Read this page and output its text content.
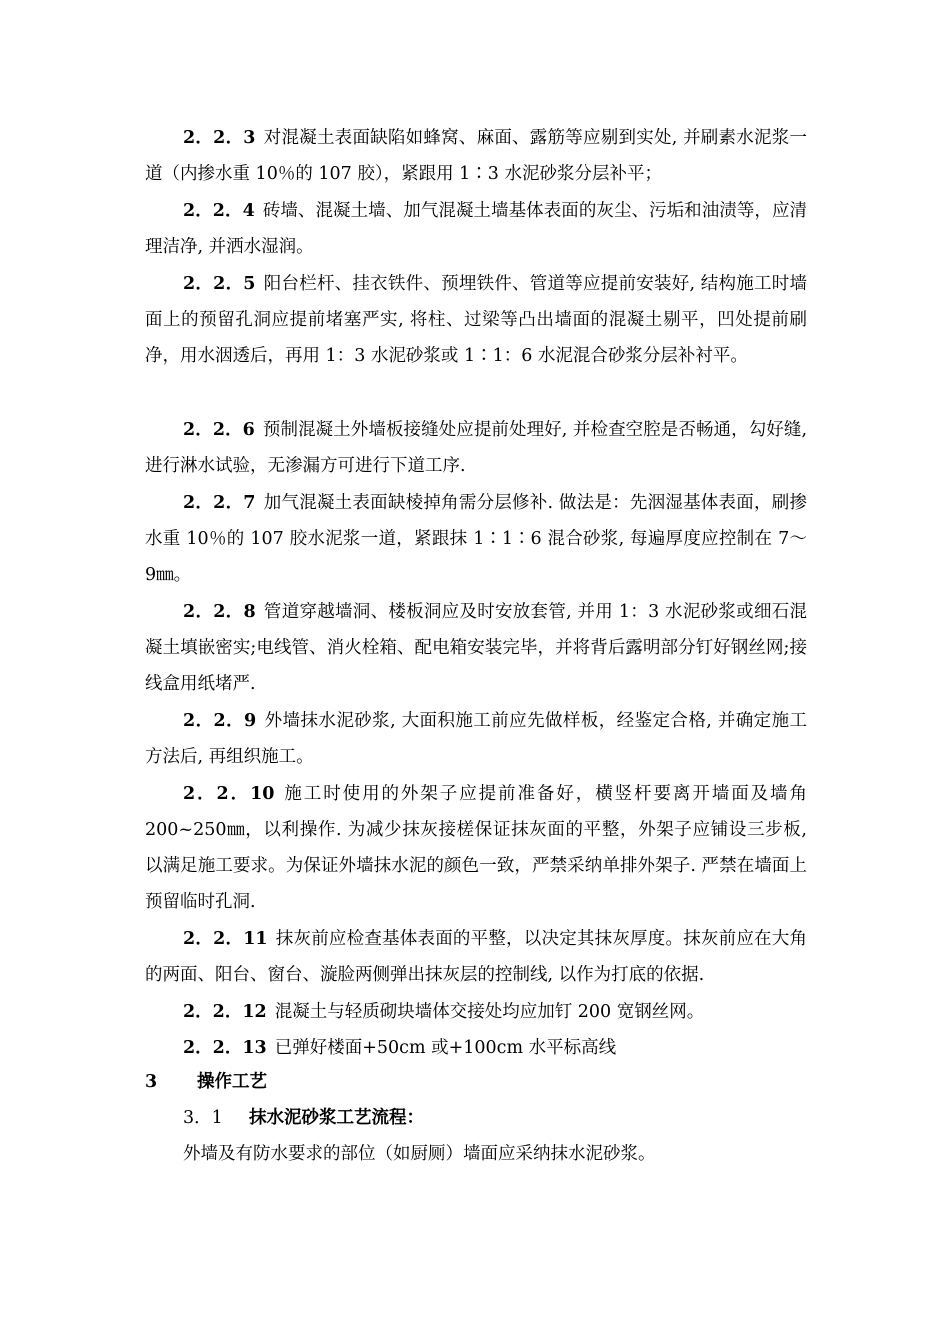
2．2．3 对混凝土表面缺陷如蜂窝、麻面、露筋等应剔到实处, 并刷素水泥浆一道（内掺水重 10％的 107 胶），紧跟用 1∶3 水泥砂浆分层补平；

2．2．4 砖墙、混凝土墙、加气混凝土墙基体表面的灰尘、污垢和油渍等，应清理洁净, 并洒水湿润。

2．2．5 阳台栏杆、挂衣铁件、预埋铁件、管道等应提前安装好, 结构施工时墙面上的预留孔洞应提前堵塞严实, 将柱、过梁等凸出墙面的混凝土剔平，凹处提前刷净，用水洇透后，再用 1：3 水泥砂浆或 1∶1：6 水泥混合砂浆分层补衬平。

2．2．6 预制混凝土外墙板接缝处应提前处理好, 并检查空腔是否畅通，勾好缝, 进行淋水试验，无渗漏方可进行下道工序.

2．2．7 加气混凝土表面缺棱掉角需分层修补. 做法是：先洇湿基体表面，刷掺水重 10％的 107 胶水泥浆一道，紧跟抹 1∶1∶6 混合砂浆, 每遍厚度应控制在 7～9㎜。

2．2．8 管道穿越墙洞、楼板洞应及时安放套管, 并用 1：3 水泥砂浆或细石混凝土填嵌密实;电线管、消火栓箱、配电箱安装完毕，并将背后露明部分钉好钢丝网;接线盒用纸堵严.

2．2．9 外墙抹水泥砂浆, 大面积施工前应先做样板，经鉴定合格, 并确定施工方法后, 再组织施工。

2．2．10 施工时使用的外架子应提前准备好，横竖杆要离开墙面及墙角 200~250㎜，以利操作. 为减少抹灰接槎保证抹灰面的平整，外架子应铺设三步板, 以满足施工要求。为保证外墙抹水泥的颜色一致，严禁采纳单排外架子. 严禁在墙面上预留临时孔洞.

2．2．11 抹灰前应检查基体表面的平整，以决定其抹灰厚度。抹灰前应在大角的两面、阳台、窗台、漩脸两侧弹出抹灰层的控制线, 以作为打底的依据.

2．2．12 混凝土与轻质砌块墙体交接处均应加钉 200 宽钢丝网。

2．2．13 已弹好楼面+50cm 或+100cm 水平标高线

3 操作工艺

3．1 抹水泥砂浆工艺流程：

外墙及有防水要求的部位（如厨厕）墙面应采纳抹水泥砂浆。
